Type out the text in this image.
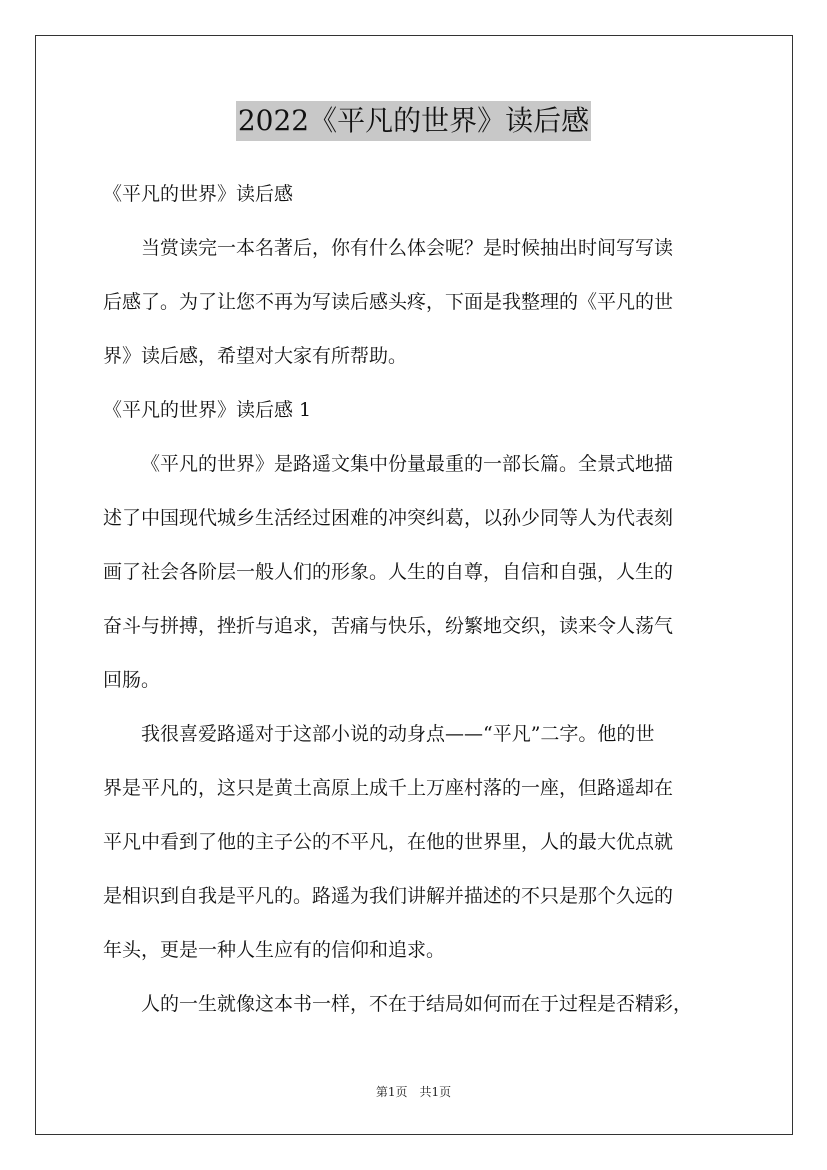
2022《平凡的世界》读后感
《平凡的世界》读后感
当赏读完一本名著后，你有什么体会呢？是时候抽出时间写写读
后感了。为了让您不再为写读后感头疼，下面是我整理的《平凡的世
界》读后感，希望对大家有所帮助。
《平凡的世界》读后感 1
《平凡的世界》是路遥文集中份量最重的一部长篇。全景式地描
述了中国现代城乡生活经过困难的冲突纠葛，以孙少同等人为代表刻
画了社会各阶层一般人们的形象。人生的自尊，自信和自强，人生的
奋斗与拼搏，挫折与追求，苦痛与快乐，纷繁地交织，读来令人荡气
回肠。
我很喜爱路遥对于这部小说的动身点——“平凡”二字。他的世
界是平凡的，这只是黄土高原上成千上万座村落的一座，但路遥却在
平凡中看到了他的主子公的不平凡，在他的世界里，人的最大优点就
是相识到自我是平凡的。路遥为我们讲解并描述的不只是那个久远的
年头，更是一种人生应有的信仰和追求。
人的一生就像这本书一样，不在于结局如何而在于过程是否精彩，
第1页　共1页
